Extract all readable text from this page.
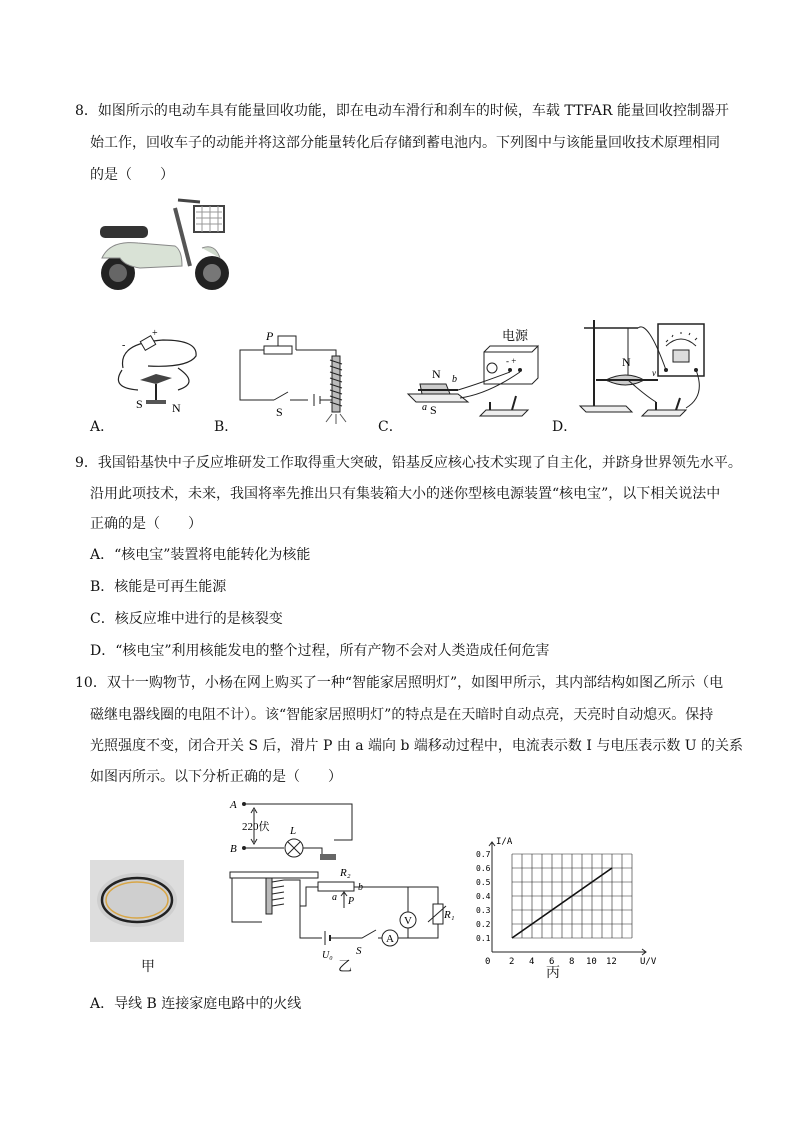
8．如图所示的电动车具有能量回收功能，即在电动车滑行和刹车的时候，车载 TTFAR 能量回收控制器开
始工作，回收车子的动能并将这部分能量转化后存储到蓄电池内。下列图中与该能量回收技术原理相同
的是（　　）
+
-
S N
A．
P
S
B．
电源
- +
N
S
a
b
C．
N
v
D．
9．我国铅基快中子反应堆研发工作取得重大突破，铅基反应核心技术实现了自主化，并跻身世界领先水平。
沿用此项技术，未来，我国将率先推出只有集装箱大小的迷你型核电源装置“核电宝”，以下相关说法中
正确的是（　　）
A．“核电宝”装置将电能转化为核能
B．核能是可再生能源
C．核反应堆中进行的是核裂变
D．“核电宝”利用核能发电的整个过程，所有产物不会对人类造成任何危害
10．双十一购物节，小杨在网上购买了一种“智能家居照明灯”，如图甲所示，其内部结构如图乙所示（电
磁继电器线圈的电阻不计）。该“智能家居照明灯”的特点是在天暗时自动点亮，天亮时自动熄灭。保持
光照强度不变，闭合开关 S 后，滑片 P 由 a 端向 b 端移动过程中，电流表示数 I 与电压表示数 U 的关系
如图丙所示。以下分析正确的是（　　）
甲
A
B
220伏 L
U₀ S
A
R₂
a
b
P
V	R₁
乙	0 2 4 6 8 10 12
0.1
0.2
0.3
0.4
0.5
0.6
0.7
U/V
I/A
丙
A．导线 B 连接家庭电路中的火线
